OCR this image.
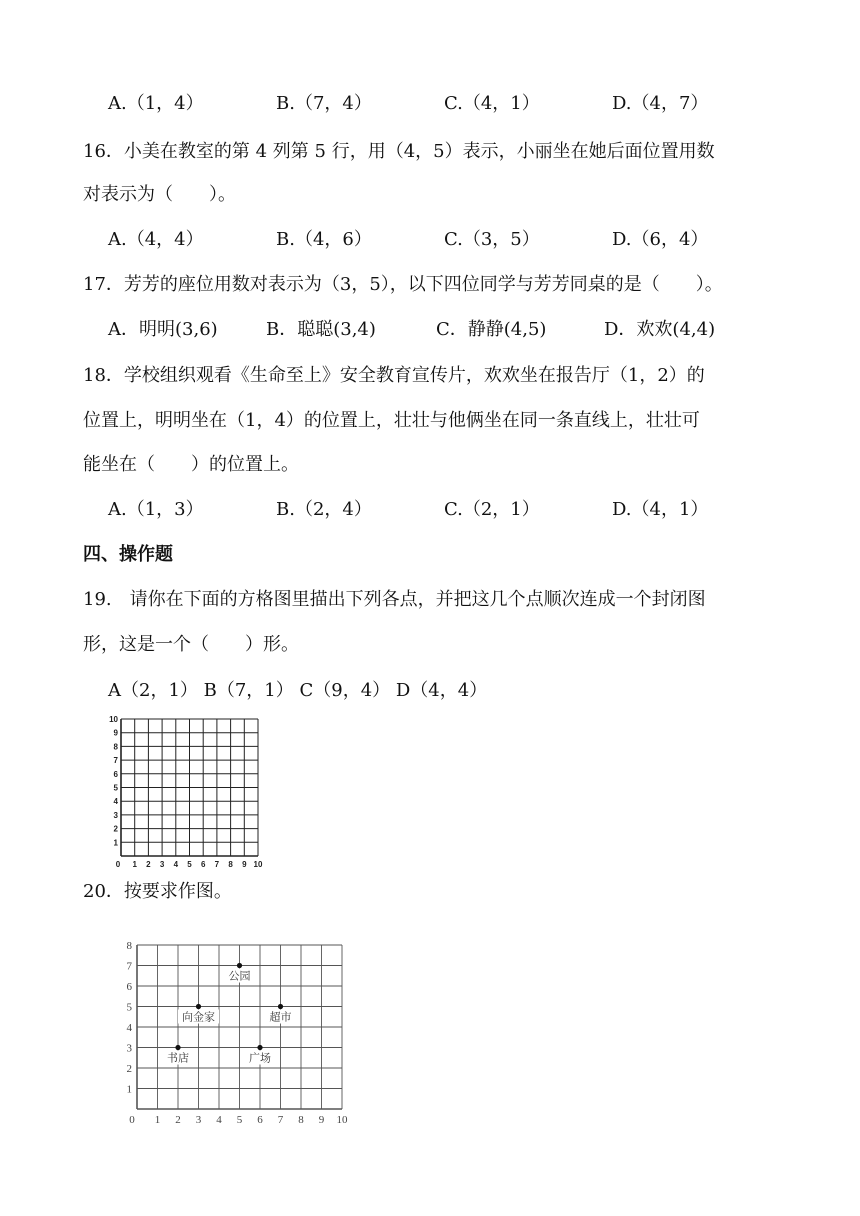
A.（1，4）	B.（7，4）	C.（4，1）	D.（4，7）
16．小美在教室的第 4 列第 5 行，用（4，5）表示，小丽坐在她后面位置用数
对表示为（　　）。
A.（4，4）	B.（4，6）	C.（3，5）	D.（6，4）
17．芳芳的座位用数对表示为（3，5），以下四位同学与芳芳同桌的是（　　）。
A．明明(3,6)	B．聪聪(3,4)	C．静静(4,5)	D．欢欢(4,4)
18．学校组织观看《生命至上》安全教育宣传片，欢欢坐在报告厅（1，2）的
位置上，明明坐在（1，4）的位置上，壮壮与他俩坐在同一条直线上，壮壮可
能坐在（　　）的位置上。
A.（1，3）	B.（2，4）	C.（2，1）	D.（4，1）
四、操作题
19.　请你在下面的方格图里描出下列各点，并把这几个点顺次连成一个封闭图
形，这是一个（　　）形。
A（2，1） B（7，1） C（9，4） D（4，4）
0 1 2 3 4 5 6 7 8 9 10
1
2
3
4
5
6
7
8
9
10
20．按要求作图。
0 1 2 3 4 5 6 7 8 9 10
1
2
3
4
5
6
7
8
公园
向金家	超市
书店	广场
